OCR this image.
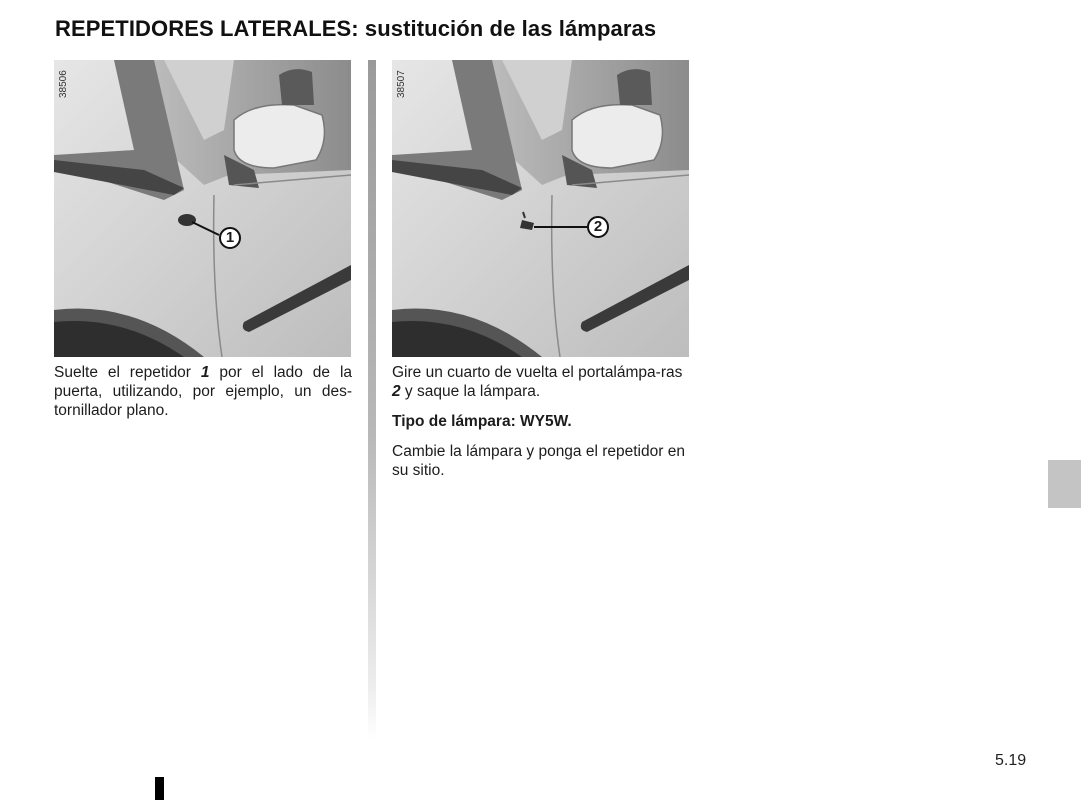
REPETIDORES LATERALES: sustitución de las lámparas
38506
1
38507
2

Suelte el repetidor 1 por el lado de la puerta, utilizando, por ejemplo, un des-tornillador plano.

Gire un cuarto de vuelta el portalámpa-ras 2 y saque la lámpara.

Tipo de lámpara: WY5W.

Cambie la lámpara y ponga el repetidor en su sitio.

5.19
